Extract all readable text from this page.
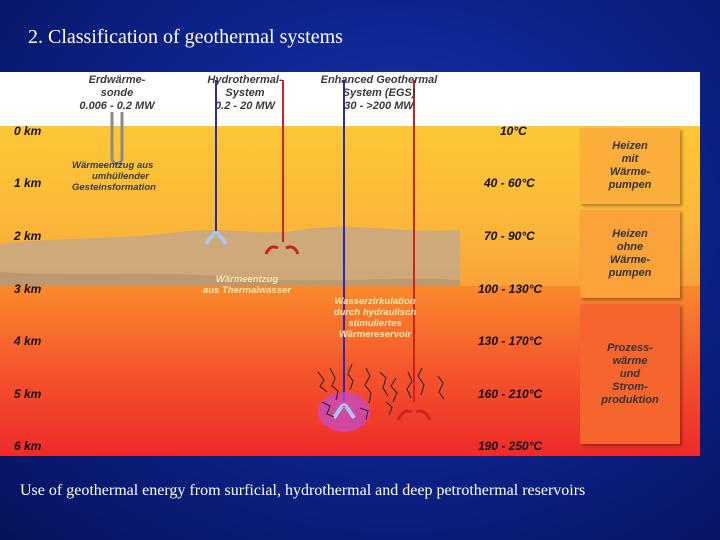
2. Classification of geothermal systems
Erdwärme-
sonde
0.006 - 0.2 MW
Hydrothermal-
System
0.2 - 20 MW
Enhanced Geothermal
System (EGS)
30 - >200 MW
0 km
1 km
2 km
3 km
4 km
5 km
6 km
10°C
40 - 60°C
70 - 90°C
100 - 130°C
130 - 170°C
160 - 210°C
190 - 250°C
Heizen
mit
Wärme-
pumpen
Heizen
ohne
Wärme-
pumpen
Prozess-
wärme
und
Strom-
produktion
Wärmeentzug aus
umhüllender
Gesteinsformation
Wärmeentzug
aus Thermalwasser
Wasserzirkulation
durch hydraulisch
stimuliertes
Wärmereservoir
Use of geothermal energy from surficial, hydrothermal and deep petrothermal reservoirs
